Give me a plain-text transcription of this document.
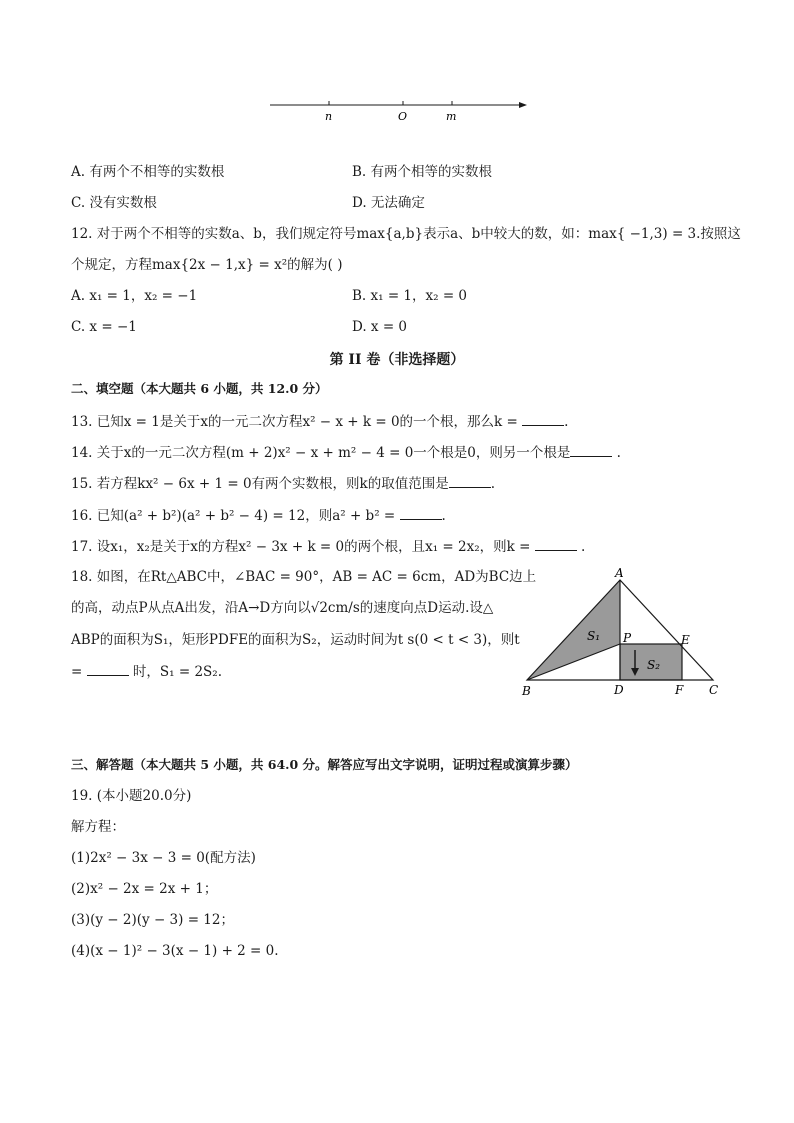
n	O	m
A. 有两个不相等的实数根	B. 有两个相等的实数根
C. 没有实数根	D. 无法确定
12. 对于两个不相等的实数a、b，我们规定符号max{a,b}表示a、b中较大的数，如：max{ −1,3) = 3.按照这
个规定，方程max{2x − 1,x} = x²的解为( )
A. x₁ = 1，x₂ = −1	B. x₁ = 1，x₂ = 0
C. x = −1	D. x = 0
第 II 卷（非选择题）
二、填空题（本大题共 6 小题，共 12.0 分）
13. 已知x = 1是关于x的一元二次方程x² − x + k = 0的一个根，那么k =	.
14. 关于x的一元二次方程(m + 2)x² − x + m² − 4 = 0一个根是0，则另一个根是	.
15. 若方程kx² − 6x + 1 = 0有两个实数根，则k的取值范围是	.
16. 已知(a² + b²)(a² + b² − 4) = 12，则a² + b² =	.
17. 设x₁，x₂是关于x的方程x² − 3x + k = 0的两个根，且x₁ = 2x₂，则k =	.
18. 如图，在Rt△ABC中，∠BAC = 90°，AB = AC = 6cm，AD为BC边上
的高，动点P从点A出发，沿A→D方向以√2cm/s的速度向点D运动.设△
ABP的面积为S₁，矩形PDFE的面积为S₂，运动时间为t s(0 < t < 3)，则t
=	时，S₁ = 2S₂.
A
B	C
D	F
E
P
S₁
S₂
三、解答题（本大题共 5 小题，共 64.0 分。解答应写出文字说明，证明过程或演算步骤）
19. (本小题20.0分)
解方程：
(1)2x² − 3x − 3 = 0(配方法)
(2)x² − 2x = 2x + 1；
(3)(y − 2)(y − 3) = 12；
(4)(x − 1)² − 3(x − 1) + 2 = 0.
